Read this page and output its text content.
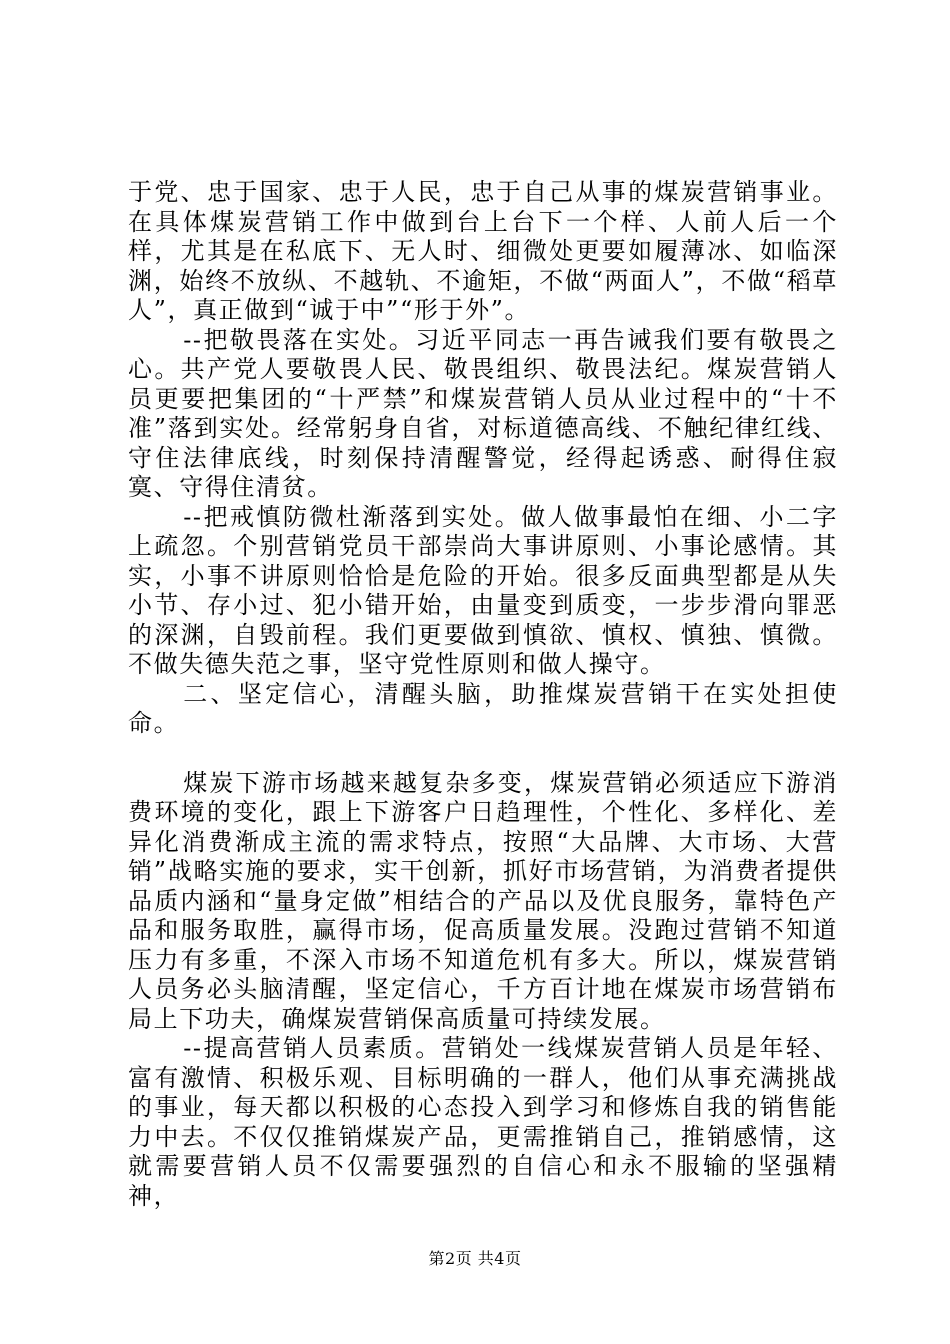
于党、忠于国家、忠于人民，忠于自己从事的煤炭营销事业。在具体煤炭营销工作中做到台上台下一个样、人前人后一个样，尤其是在私底下、无人时、细微处更要如履薄冰、如临深渊，始终不放纵、不越轨、不逾矩，不做“两面人”，不做“稻草人”，真正做到“诚于中”“形于外”。

--把敬畏落在实处。习近平同志一再告诫我们要有敬畏之心。共产党人要敬畏人民、敬畏组织、敬畏法纪。煤炭营销人员更要把集团的“十严禁”和煤炭营销人员从业过程中的“十不准”落到实处。经常躬身自省，对标道德高线、不触纪律红线、守住法律底线，时刻保持清醒警觉，经得起诱惑、耐得住寂寞、守得住清贫。

--把戒慎防微杜渐落到实处。做人做事最怕在细、小二字上疏忽。个别营销党员干部崇尚大事讲原则、小事论感情。其实，小事不讲原则恰恰是危险的开始。很多反面典型都是从失小节、存小过、犯小错开始，由量变到质变，一步步滑向罪恶的深渊，自毁前程。我们更要做到慎欲、慎权、慎独、慎微。不做失德失范之事，坚守党性原则和做人操守。

二、坚定信心，清醒头脑，助推煤炭营销干在实处担使命。

煤炭下游市场越来越复杂多变，煤炭营销必须适应下游消费环境的变化，跟上下游客户日趋理性，个性化、多样化、差异化消费渐成主流的需求特点，按照“大品牌、大市场、大营销”战略实施的要求，实干创新，抓好市场营销，为消费者提供品质内涵和“量身定做”相结合的产品以及优良服务，靠特色产品和服务取胜，赢得市场，促高质量发展。没跑过营销不知道压力有多重，不深入市场不知道危机有多大。所以，煤炭营销人员务必头脑清醒，坚定信心，千方百计地在煤炭市场营销布局上下功夫，确煤炭营销保高质量可持续发展。

--提高营销人员素质。营销处一线煤炭营销人员是年轻、富有激情、积极乐观、目标明确的一群人，他们从事充满挑战的事业，每天都以积极的心态投入到学习和修炼自我的销售能力中去。不仅仅推销煤炭产品，更需推销自己，推销感情，这就需要营销人员不仅需要强烈的自信心和永不服输的坚强精神，

第2页 共4页
